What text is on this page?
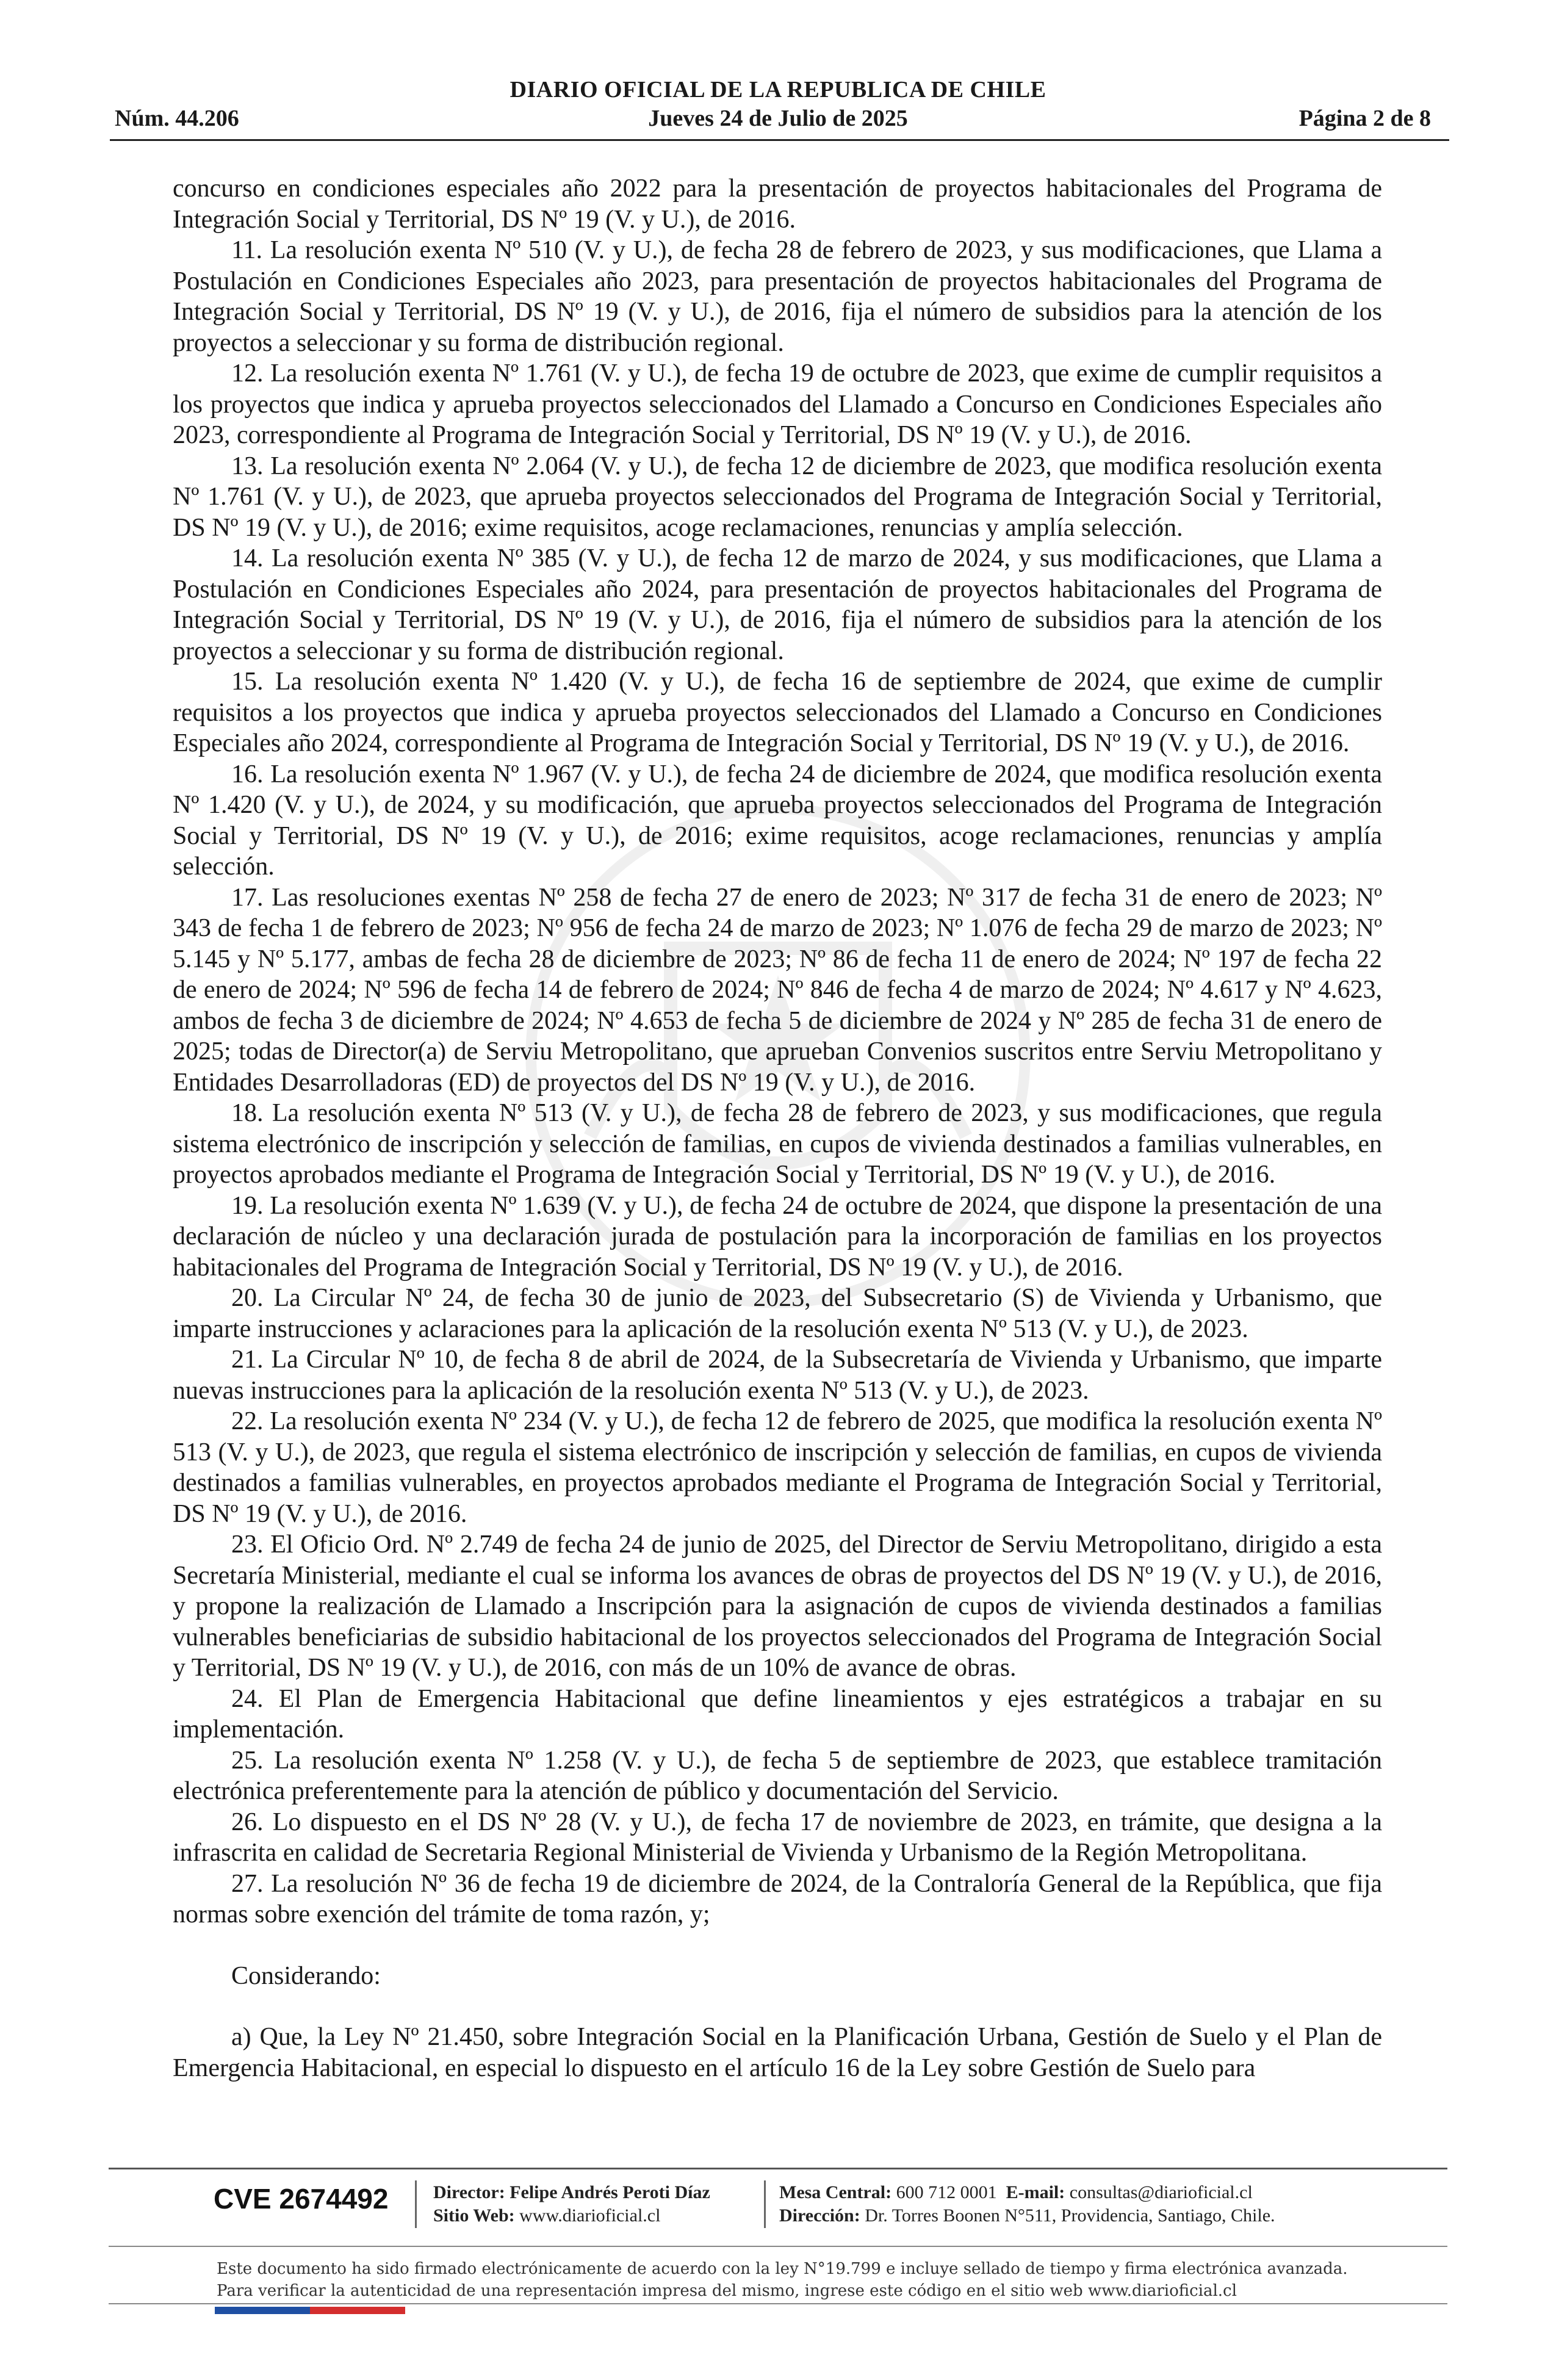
DIARIO OFICIAL DE LA REPUBLICA DE CHILE
Núm. 44.206	Jueves 24 de Julio de 2025	Página 2 de 8

concurso en condiciones especiales año 2022 para la presentación de proyectos habitacionales del Programa de Integración Social y Territorial, DS Nº 19 (V. y U.), de 2016.

11. La resolución exenta Nº 510 (V. y U.), de fecha 28 de febrero de 2023, y sus modificaciones, que Llama a Postulación en Condiciones Especiales año 2023, para presentación de proyectos habitacionales del Programa de Integración Social y Territorial, DS Nº 19 (V. y U.), de 2016, fija el número de subsidios para la atención de los proyectos a seleccionar y su forma de distribución regional.

12. La resolución exenta Nº 1.761 (V. y U.), de fecha 19 de octubre de 2023, que exime de cumplir requisitos a los proyectos que indica y aprueba proyectos seleccionados del Llamado a Concurso en Condiciones Especiales año 2023, correspondiente al Programa de Integración Social y Territorial, DS Nº 19 (V. y U.), de 2016.

13. La resolución exenta Nº 2.064 (V. y U.), de fecha 12 de diciembre de 2023, que modifica resolución exenta Nº 1.761 (V. y U.), de 2023, que aprueba proyectos seleccionados del Programa de Integración Social y Territorial, DS Nº 19 (V. y U.), de 2016; exime requisitos, acoge reclamaciones, renuncias y amplía selección.

14. La resolución exenta Nº 385 (V. y U.), de fecha 12 de marzo de 2024, y sus modificaciones, que Llama a Postulación en Condiciones Especiales año 2024, para presentación de proyectos habitacionales del Programa de Integración Social y Territorial, DS Nº 19 (V. y U.), de 2016, fija el número de subsidios para la atención de los proyectos a seleccionar y su forma de distribución regional.

15. La resolución exenta Nº 1.420 (V. y U.), de fecha 16 de septiembre de 2024, que exime de cumplir requisitos a los proyectos que indica y aprueba proyectos seleccionados del Llamado a Concurso en Condiciones Especiales año 2024, correspondiente al Programa de Integración Social y Territorial, DS Nº 19 (V. y U.), de 2016.

16. La resolución exenta Nº 1.967 (V. y U.), de fecha 24 de diciembre de 2024, que modifica resolución exenta Nº 1.420 (V. y U.), de 2024, y su modificación, que aprueba proyectos seleccionados del Programa de Integración Social y Territorial, DS Nº 19 (V. y U.), de 2016; exime requisitos, acoge reclamaciones, renuncias y amplía selección.

17. Las resoluciones exentas Nº 258 de fecha 27 de enero de 2023; Nº 317 de fecha 31 de enero de 2023; Nº 343 de fecha 1 de febrero de 2023; Nº 956 de fecha 24 de marzo de 2023; Nº 1.076 de fecha 29 de marzo de 2023; Nº 5.145 y Nº 5.177, ambas de fecha 28 de diciembre de 2023; Nº 86 de fecha 11 de enero de 2024; Nº 197 de fecha 22 de enero de 2024; Nº 596 de fecha 14 de febrero de 2024; Nº 846 de fecha 4 de marzo de 2024; Nº 4.617 y Nº 4.623, ambos de fecha 3 de diciembre de 2024; Nº 4.653 de fecha 5 de diciembre de 2024 y Nº 285 de fecha 31 de enero de 2025; todas de Director(a) de Serviu Metropolitano, que aprueban Convenios suscritos entre Serviu Metropolitano y Entidades Desarrolladoras (ED) de proyectos del DS Nº 19 (V. y U.), de 2016.

18. La resolución exenta Nº 513 (V. y U.), de fecha 28 de febrero de 2023, y sus modificaciones, que regula sistema electrónico de inscripción y selección de familias, en cupos de vivienda destinados a familias vulnerables, en proyectos aprobados mediante el Programa de Integración Social y Territorial, DS Nº 19 (V. y U.), de 2016.

19. La resolución exenta Nº 1.639 (V. y U.), de fecha 24 de octubre de 2024, que dispone la presentación de una declaración de núcleo y una declaración jurada de postulación para la incorporación de familias en los proyectos habitacionales del Programa de Integración Social y Territorial, DS Nº 19 (V. y U.), de 2016.

20. La Circular Nº 24, de fecha 30 de junio de 2023, del Subsecretario (S) de Vivienda y Urbanismo, que imparte instrucciones y aclaraciones para la aplicación de la resolución exenta Nº 513 (V. y U.), de 2023.

21. La Circular Nº 10, de fecha 8 de abril de 2024, de la Subsecretaría de Vivienda y Urbanismo, que imparte nuevas instrucciones para la aplicación de la resolución exenta Nº 513 (V. y U.), de 2023.

22. La resolución exenta Nº 234 (V. y U.), de fecha 12 de febrero de 2025, que modifica la resolución exenta Nº 513 (V. y U.), de 2023, que regula el sistema electrónico de inscripción y selección de familias, en cupos de vivienda destinados a familias vulnerables, en proyectos aprobados mediante el Programa de Integración Social y Territorial, DS Nº 19 (V. y U.), de 2016.

23. El Oficio Ord. Nº 2.749 de fecha 24 de junio de 2025, del Director de Serviu Metropolitano, dirigido a esta Secretaría Ministerial, mediante el cual se informa los avances de obras de proyectos del DS Nº 19 (V. y U.), de 2016, y propone la realización de Llamado a Inscripción para la asignación de cupos de vivienda destinados a familias vulnerables beneficiarias de subsidio habitacional de los proyectos seleccionados del Programa de Integración Social y Territorial, DS Nº 19 (V. y U.), de 2016, con más de un 10% de avance de obras.

24. El Plan de Emergencia Habitacional que define lineamientos y ejes estratégicos a trabajar en su implementación.

25. La resolución exenta Nº 1.258 (V. y U.), de fecha 5 de septiembre de 2023, que establece tramitación electrónica preferentemente para la atención de público y documentación del Servicio.

26. Lo dispuesto en el DS Nº 28 (V. y U.), de fecha 17 de noviembre de 2023, en trámite, que designa a la infrascrita en calidad de Secretaria Regional Ministerial de Vivienda y Urbanismo de la Región Metropolitana.

27. La resolución Nº 36 de fecha 19 de diciembre de 2024, de la Contraloría General de la República, que fija normas sobre exención del trámite de toma razón, y;

Considerando:

a) Que, la Ley Nº 21.450, sobre Integración Social en la Planificación Urbana, Gestión de Suelo y el Plan de Emergencia Habitacional, en especial lo dispuesto en el artículo 16 de la Ley sobre Gestión de Suelo para

CVE 2674492 Director: Felipe Andrés Peroti Díaz
Sitio Web: www.diarioficial.cl
Mesa Central: 600 712 0001 E-mail: consultas@diarioficial.cl
Dirección: Dr. Torres Boonen N°511, Providencia, Santiago, Chile.
Este documento ha sido firmado electrónicamente de acuerdo con la ley N°19.799 e incluye sellado de tiempo y firma electrónica avanzada. Para verificar la autenticidad de una representación impresa del mismo, ingrese este código en el sitio web www.diarioficial.cl
